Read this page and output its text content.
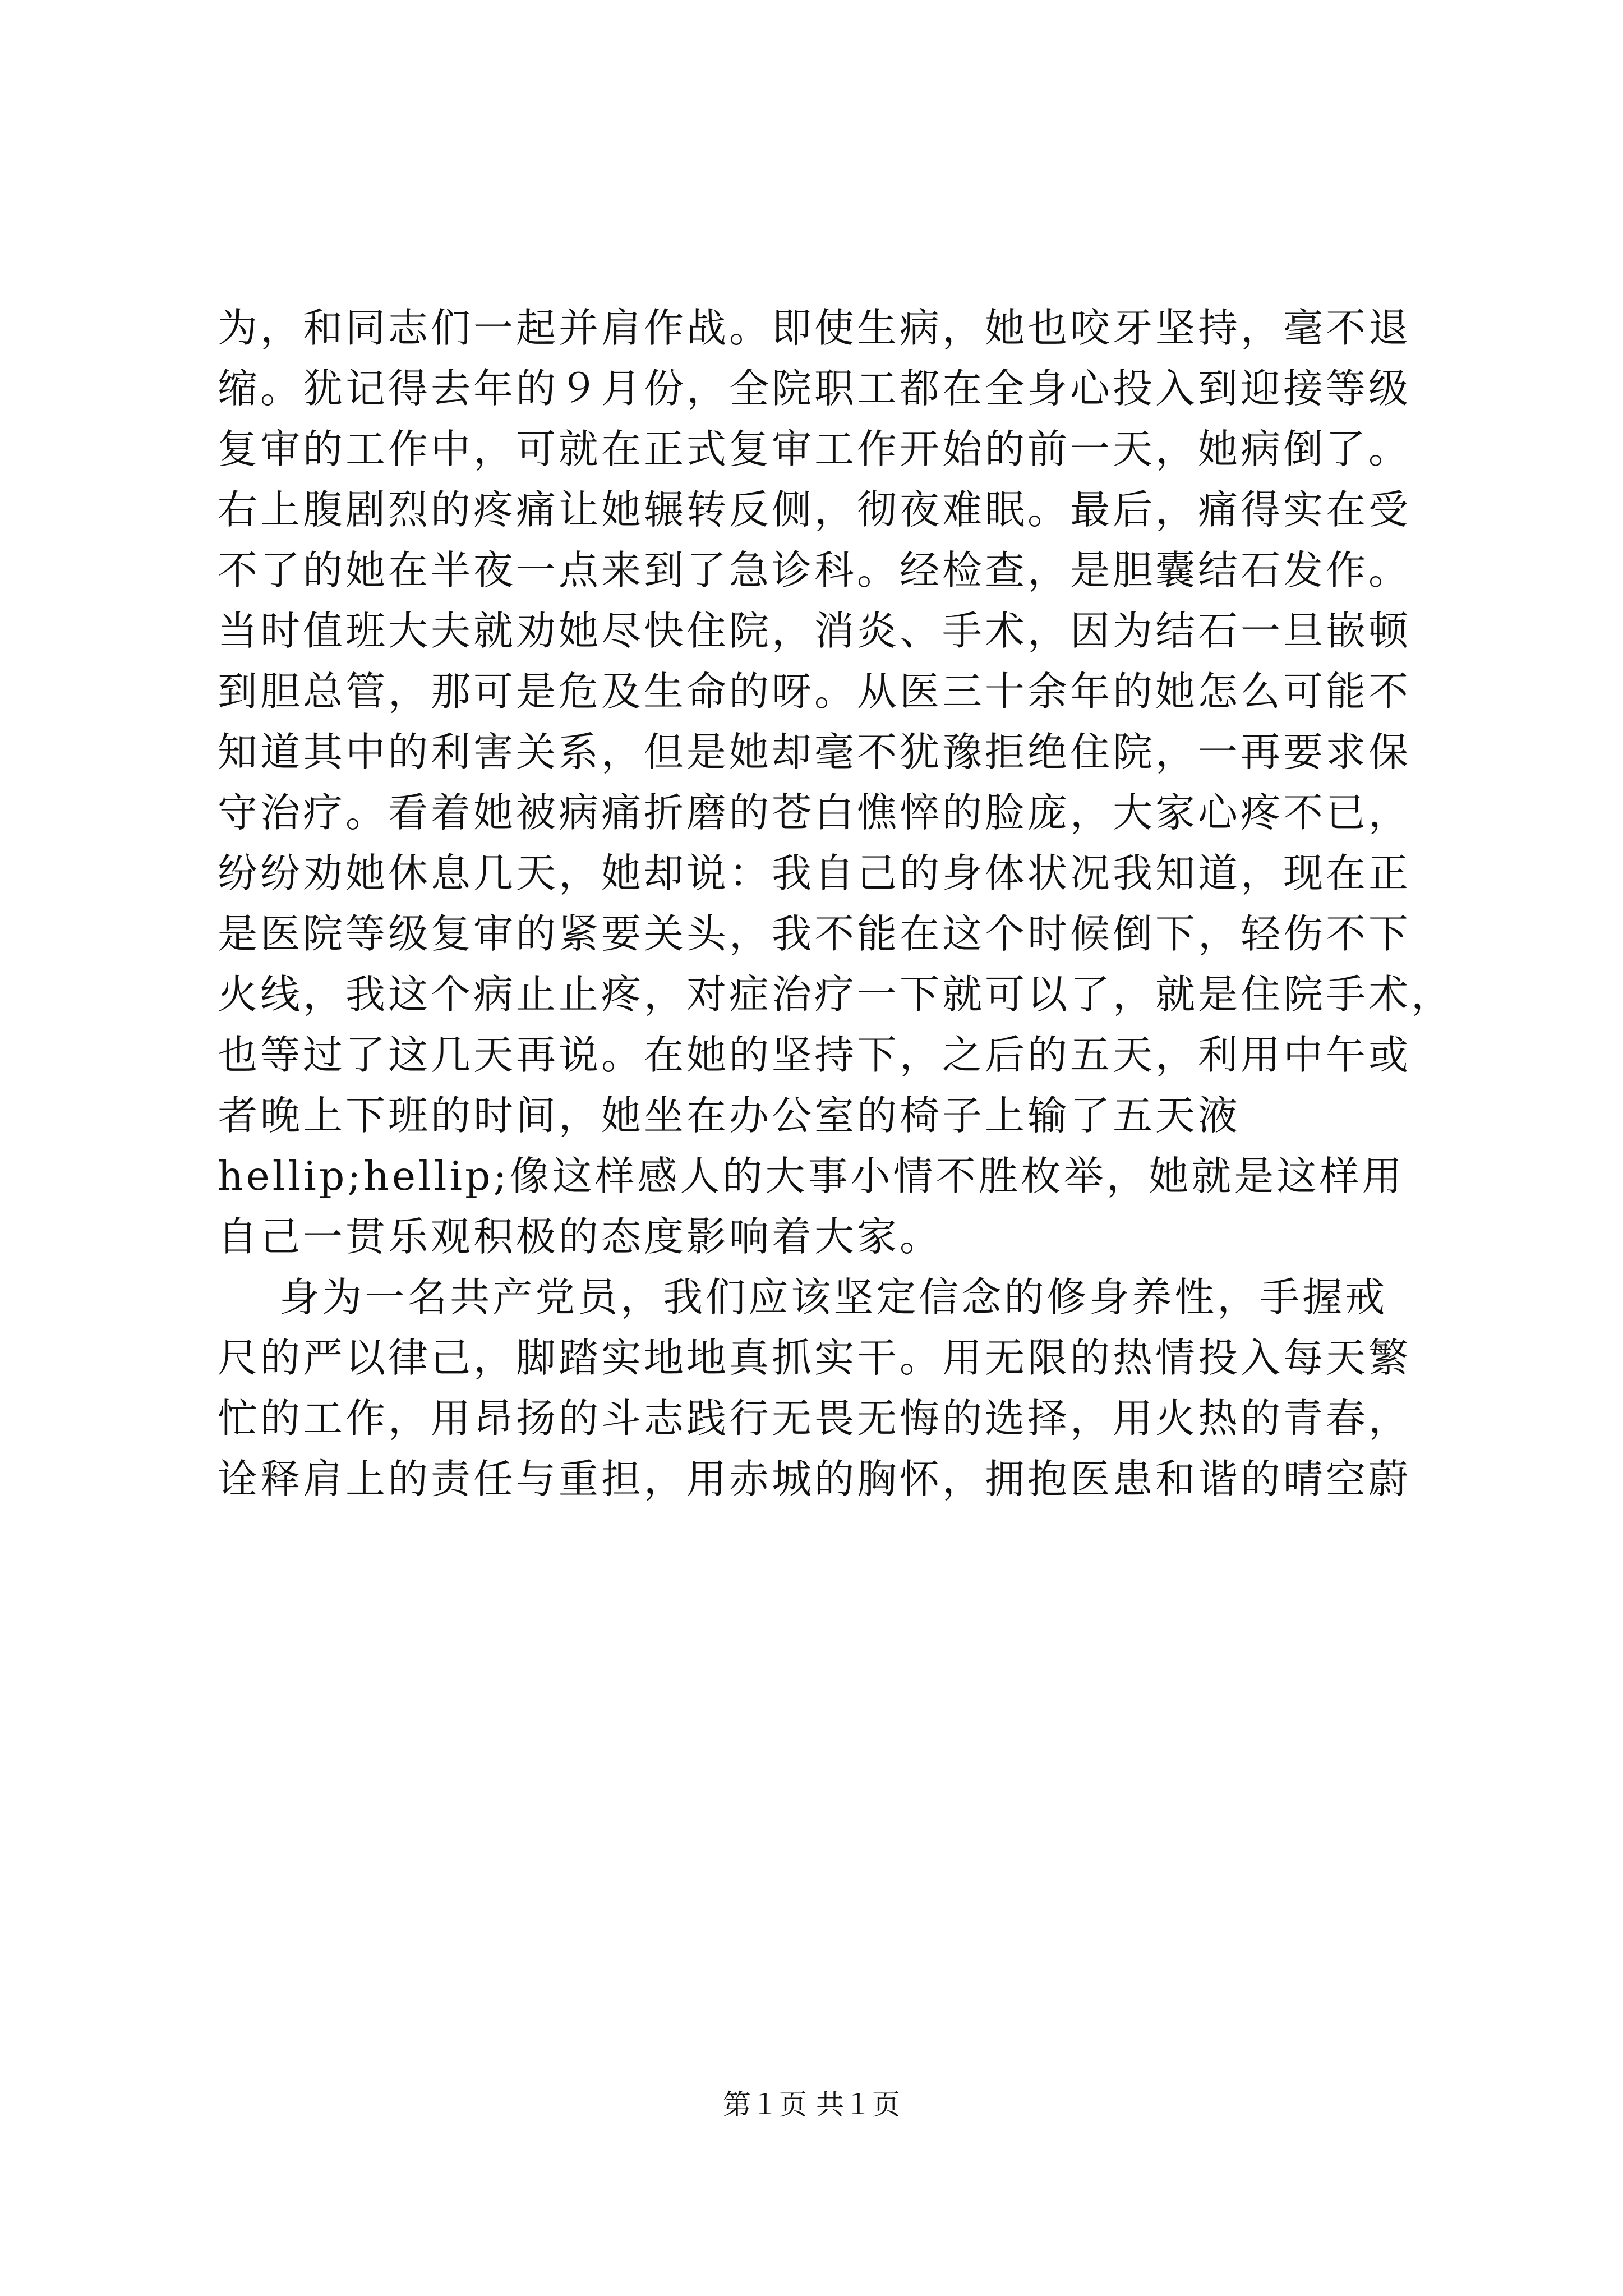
为，和同志们一起并肩作战。即使生病，她也咬牙坚持，毫不退
缩。犹记得去年的９月份，全院职工都在全身心投入到迎接等级
复审的工作中，可就在正式复审工作开始的前一天，她病倒了。
右上腹剧烈的疼痛让她辗转反侧，彻夜难眠。最后，痛得实在受
不了的她在半夜一点来到了急诊科。经检查，是胆囊结石发作。
当时值班大夫就劝她尽快住院，消炎、手术，因为结石一旦嵌顿
到胆总管，那可是危及生命的呀。从医三十余年的她怎么可能不
知道其中的利害关系，但是她却毫不犹豫拒绝住院，一再要求保
守治疗。看着她被病痛折磨的苍白憔悴的脸庞，大家心疼不已，
纷纷劝她休息几天，她却说：我自己的身体状况我知道，现在正
是医院等级复审的紧要关头，我不能在这个时候倒下，轻伤不下
火线，我这个病止止疼，对症治疗一下就可以了，就是住院手术，
也等过了这几天再说。在她的坚持下，之后的五天，利用中午或
者晚上下班的时间，她坐在办公室的椅子上输了五天液
hellip;hellip;像这样感人的大事小情不胜枚举，她就是这样用
自己一贯乐观积极的态度影响着大家。
身为一名共产党员，我们应该坚定信念的修身养性，手握戒
尺的严以律己，脚踏实地地真抓实干。用无限的热情投入每天繁
忙的工作，用昂扬的斗志践行无畏无悔的选择，用火热的青春，
诠释肩上的责任与重担，用赤城的胸怀，拥抱医患和谐的晴空蔚
第１页 共１页
